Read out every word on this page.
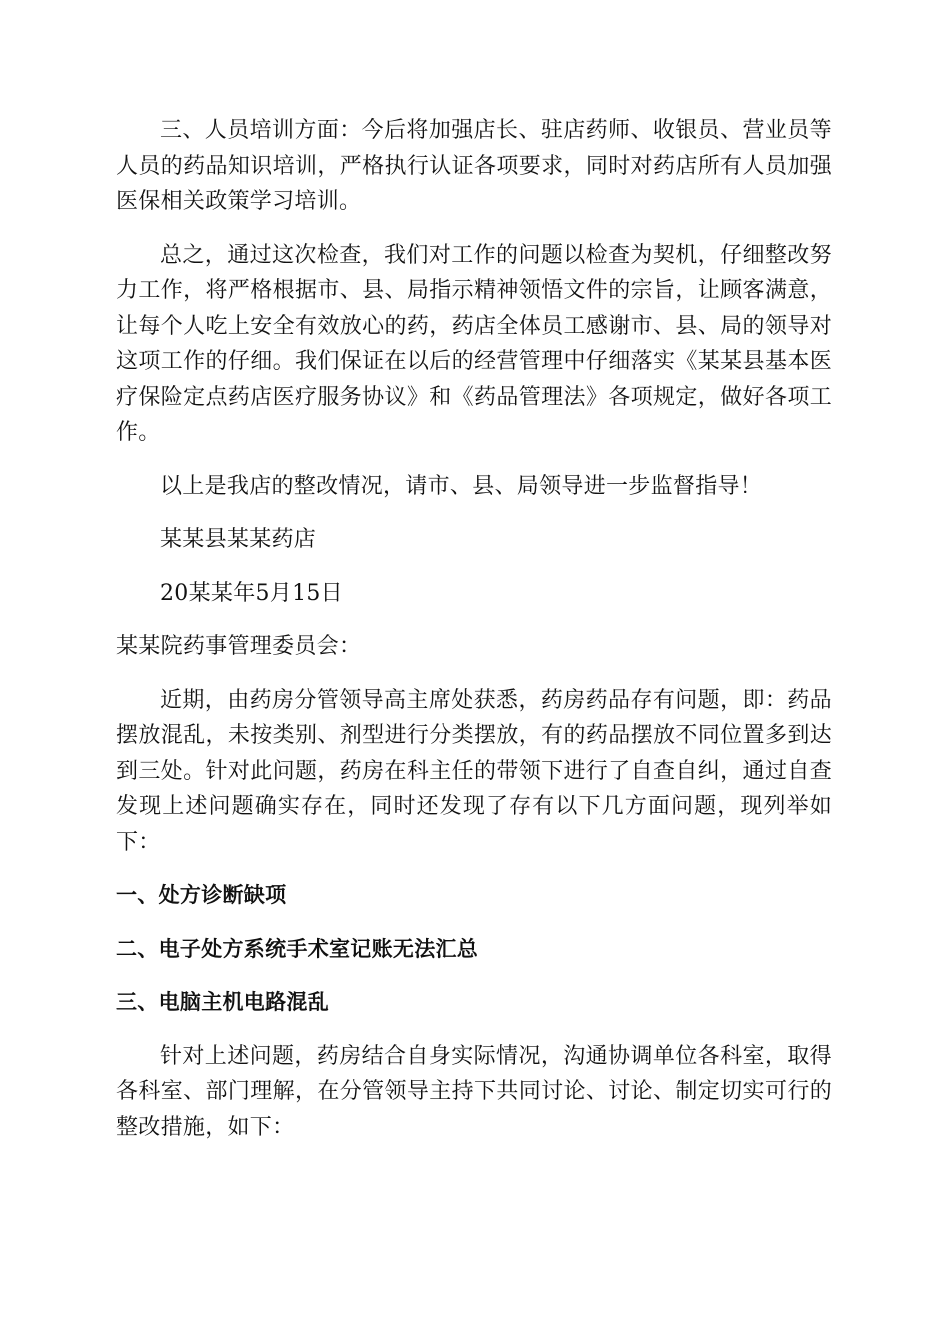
三、人员培训方面：今后将加强店长、驻店药师、收银员、营业员等人员的药品知识培训，严格执行认证各项要求，同时对药店所有人员加强医保相关政策学习培训。

总之，通过这次检查，我们对工作的问题以检查为契机，仔细整改努力工作，将严格根据市、县、局指示精神领悟文件的宗旨，让顾客满意，让每个人吃上安全有效放心的药，药店全体员工感谢市、县、局的领导对这项工作的仔细。我们保证在以后的经营管理中仔细落实《某某县基本医疗保险定点药店医疗服务协议》和《药品管理法》各项规定，做好各项工作。

以上是我店的整改情况，请市、县、局领导进一步监督指导！

某某县某某药店

20某某年5月15日

某某院药事管理委员会：

近期，由药房分管领导高主席处获悉，药房药品存有问题，即：药品摆放混乱，未按类别、剂型进行分类摆放，有的药品摆放不同位置多到达到三处。针对此问题，药房在科主任的带领下进行了自查自纠，通过自查发现上述问题确实存在，同时还发现了存有以下几方面问题，现列举如下：

一、处方诊断缺项

二、电子处方系统手术室记账无法汇总

三、电脑主机电路混乱

针对上述问题，药房结合自身实际情况，沟通协调单位各科室，取得各科室、部门理解，在分管领导主持下共同讨论、讨论、制定切实可行的整改措施，如下：
